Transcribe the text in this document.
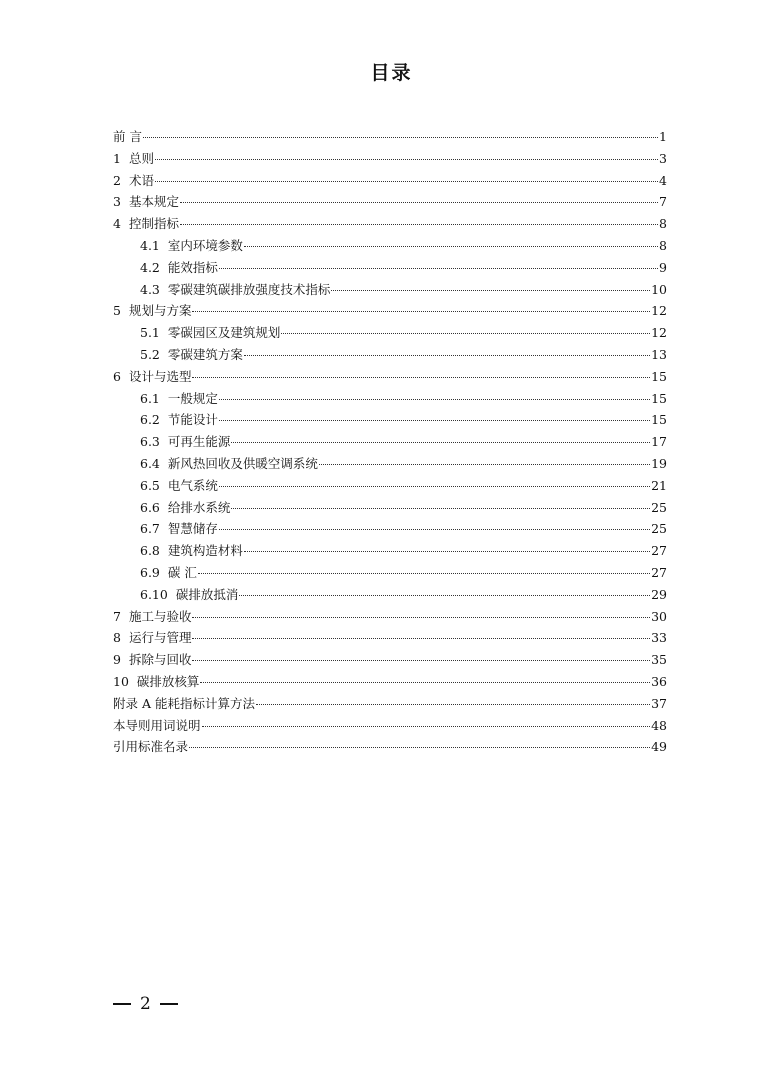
目录
前 言	1
1 总则	3
2 术语	4
3 基本规定	7
4 控制指标	8
4.1 室内环境参数	8
4.2 能效指标	9
4.3 零碳建筑碳排放强度技术指标	10
5 规划与方案	12
5.1 零碳园区及建筑规划	12
5.2 零碳建筑方案	13
6 设计与选型	15
6.1 一般规定	15
6.2 节能设计	15
6.3 可再生能源	17
6.4 新风热回收及供暖空调系统	19
6.5 电气系统	21
6.6 给排水系统	25
6.7 智慧储存	25
6.8 建筑构造材料	27
6.9 碳 汇	27
6.10 碳排放抵消	29
7 施工与验收	30
8 运行与管理	33
9 拆除与回收	35
10 碳排放核算	36
附录 A 能耗指标计算方法	37
本导则用词说明	48
引用标准名录	49
2
